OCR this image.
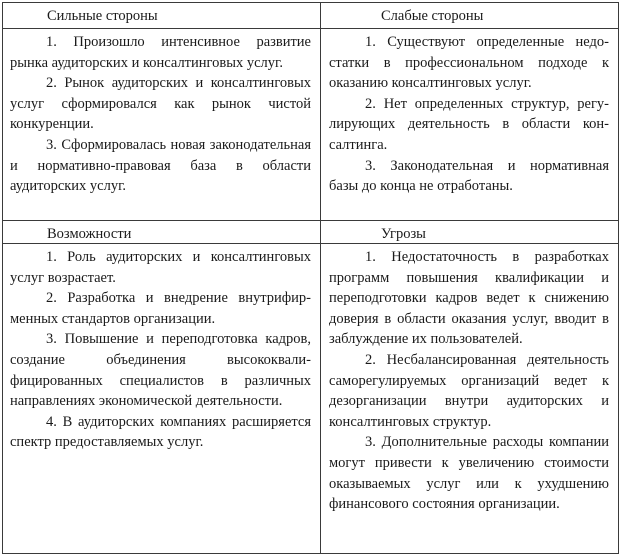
Сильные стороны	Слабые стороны

1. Произошло интенсивное развитие рынка аудиторских и консалтинговых услуг.

2. Рынок аудиторских и консалтинговых услуг сформировался как рынок чистой конкуренции.

3. Сформировалась новая законодательная и нормативно-правовая база в области аудиторских услуг.

1. Существуют определенные недостатки в профессиональном подходе к оказанию консалтинговых услуг.

2. Нет определенных структур, регулирующих деятельность в области консалтинга.

3. Законодательная и нормативная базы до конца не отработаны.

Возможности	Угрозы

1. Роль аудиторских и консалтинговых услуг возрастает.

2. Разработка и внедрение внутрифирменных стандартов организации.

3. Повышение и переподготовка кадров, создание объединения высококвалифицированных специалистов в различных направлениях экономической деятельности.

4. В аудиторских компаниях расширяется спектр предоставляемых услуг.

1. Недостаточность в разработках программ повышения квалификации и переподготовки кадров ведет к снижению доверия в области оказания услуг, вводит в заблуждение их пользователей.

2. Несбалансированная деятельность саморегулируемых организаций ведет к дезорганизации внутри аудиторских и консалтинговых структур.

3. Дополнительные расходы компании могут привести к увеличению стоимости оказываемых услуг или к ухудшению финансового состояния организации.
